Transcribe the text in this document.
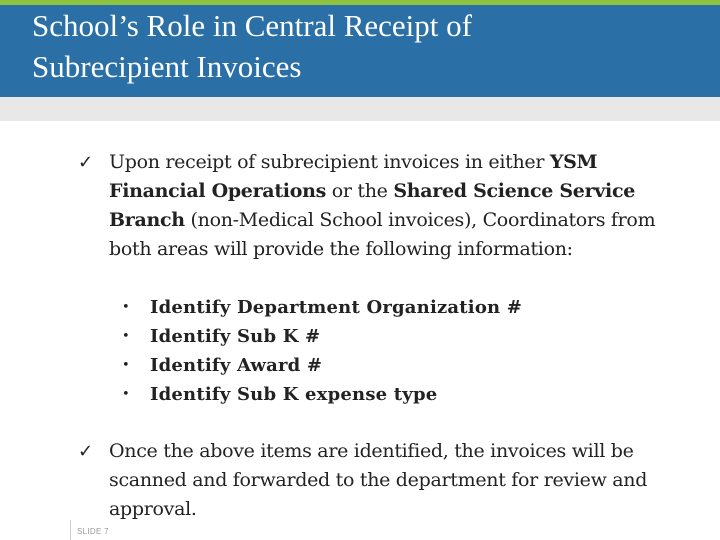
School’s Role in Central Receipt of
Subrecipient Invoices
✓ Upon receipt of subrecipient invoices in either YSM Financial Operations or the Shared Science Service Branch (non-Medical School invoices), Coordinators from both areas will provide the following information:
• Identify Department Organization #
• Identify Sub K #
• Identify Award #
• Identify Sub K expense type
✓ Once the above items are identified, the invoices will be scanned and forwarded to the department for review and approval.
SLIDE 7
